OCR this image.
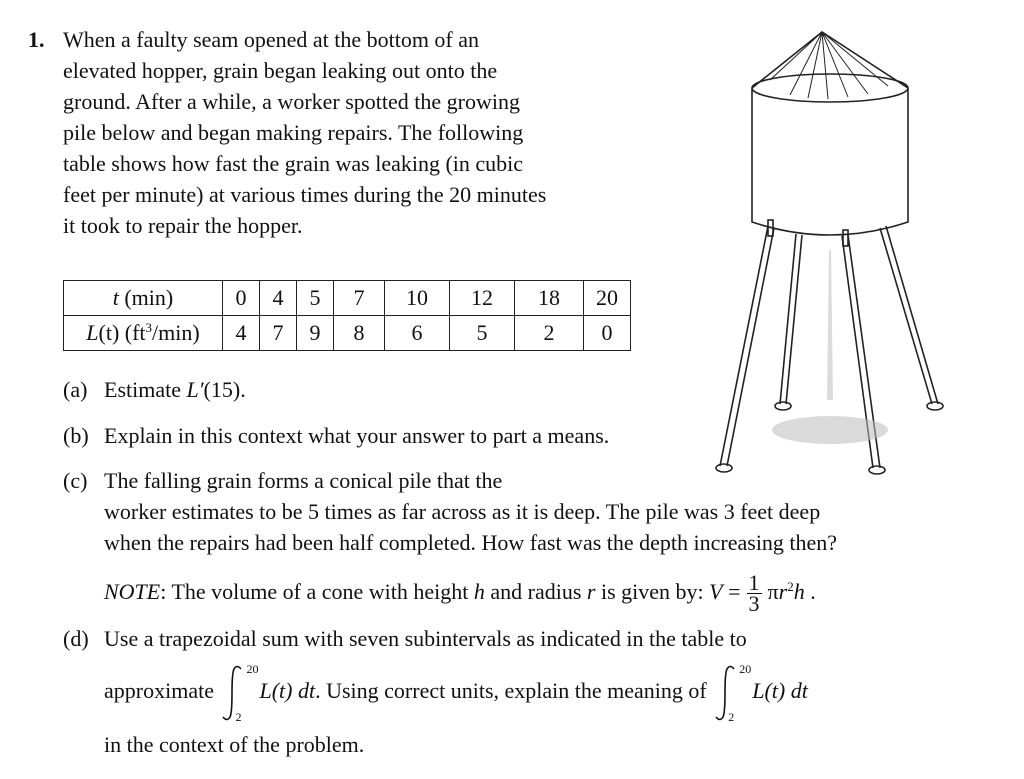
1. When a faulty seam opened at the bottom of an
elevated hopper, grain began leaking out onto the
ground. After a while, a worker spotted the growing
pile below and began making repairs. The following
table shows how fast the grain was leaking (in cubic
feet per minute) at various times during the 20 minutes
it took to repair the hopper.
t (min)	0	4	5	7	10	12	18	20
L(t) $(ft^3/\min)$	4	7	9	8	6	5	2	0
(a) Estimate L′(15).
(b) Explain in this context what your answer to part a means.
(c) The falling grain forms a conical pile that the
worker estimates to be 5 times as far across as it is deep. The pile was 3 feet deep
when the repairs had been half completed. How fast was the depth increasing then?
NOTE: The volume of a cone with height h and radius r is given by: $V = \frac{1}{3} \pi r^2h$ .
(d) Use a trapezoidal sum with seven subintervals as indicated in the table to
approximate
20
2
L(t) dt. Using correct units, explain the meaning of
20
2
L(t) dt
in the context of the problem.
